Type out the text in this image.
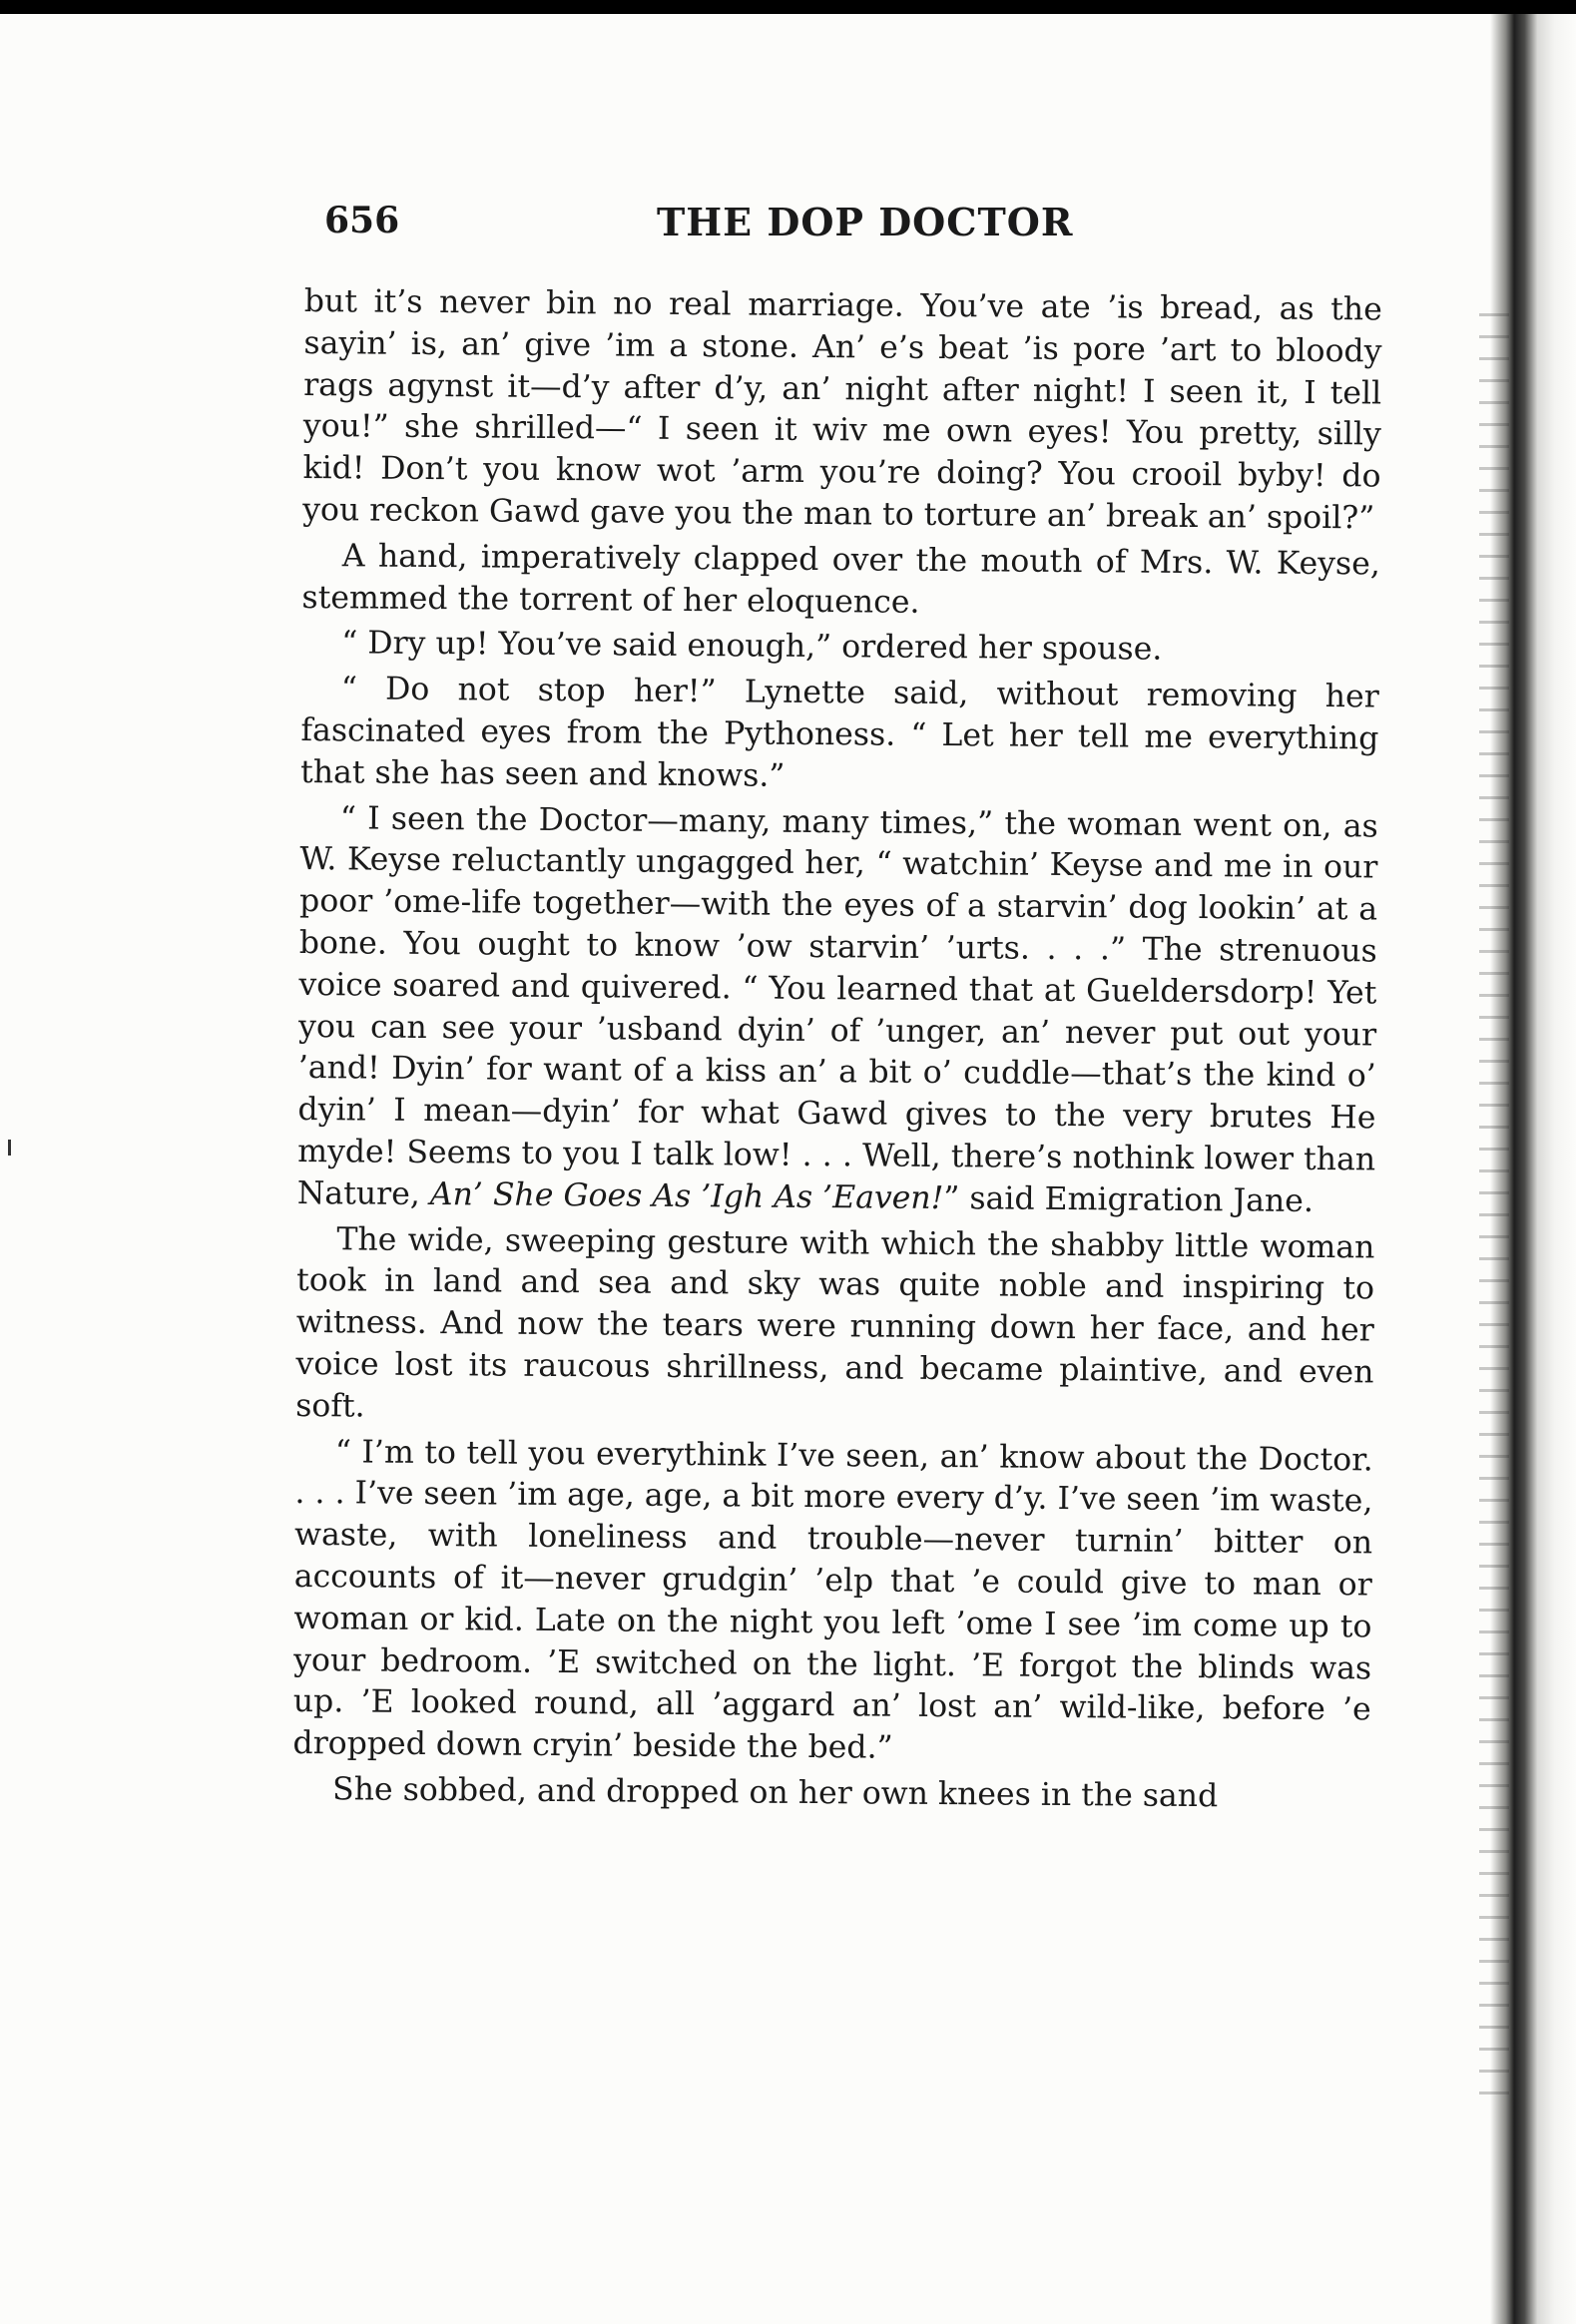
656	THE DOP DOCTOR

but it’s never bin no real marriage. You’ve ate ’is bread, as the sayin’ is, an’ give ’im a stone. An’ e’s beat ’is pore ’art to bloody rags agynst it—d’y after d’y, an’ night after night! I seen it, I tell you!” she shrilled—“ I seen it wiv me own eyes! You pretty, silly kid! Don’t you know wot ’arm you’re doing? You crooil byby! do you reckon Gawd gave you the man to torture an’ break an’ spoil?”

A hand, imperatively clapped over the mouth of Mrs. W. Keyse, stemmed the torrent of her eloquence.

“ Dry up! You’ve said enough,” ordered her spouse.

“ Do not stop her!” Lynette said, without removing her fascinated eyes from the Pythoness. “ Let her tell me everything that she has seen and knows.”

“ I seen the Doctor—many, many times,” the woman went on, as W. Keyse reluctantly ungagged her, “ watchin’ Keyse and me in our poor ’ome-life together—with the eyes of a starvin’ dog lookin’ at a bone. You ought to know ’ow starvin’ ’urts. . . .” The strenuous voice soared and quivered. “ You learned that at Gueldersdorp! Yet you can see your ’usband dyin’ of ’unger, an’ never put out your ’and! Dyin’ for want of a kiss an’ a bit o’ cuddle—that’s the kind o’ dyin’ I mean—dyin’ for what Gawd gives to the very brutes He myde! Seems to you I talk low! . . . Well, there’s nothink lower than Nature, An’ She Goes As ’Igh As ’Eaven!” said Emigration Jane.

The wide, sweeping gesture with which the shabby little woman took in land and sea and sky was quite noble and inspiring to witness. And now the tears were running down her face, and her voice lost its raucous shrillness, and became plaintive, and even soft.

“ I’m to tell you everythink I’ve seen, an’ know about the Doctor. . . . I’ve seen ’im age, age, a bit more every d’y. I’ve seen ’im waste, waste, with loneliness and trouble—never turnin’ bitter on accounts of it—never grudgin’ ’elp that ’e could give to man or woman or kid. Late on the night you left ’ome I see ’im come up to your bedroom. ’E switched on the light. ’E forgot the blinds was up. ’E looked round, all ’aggard an’ lost an’ wild-like, before ’e dropped down cryin’ beside the bed.”

She sobbed, and dropped on her own knees in the sand
